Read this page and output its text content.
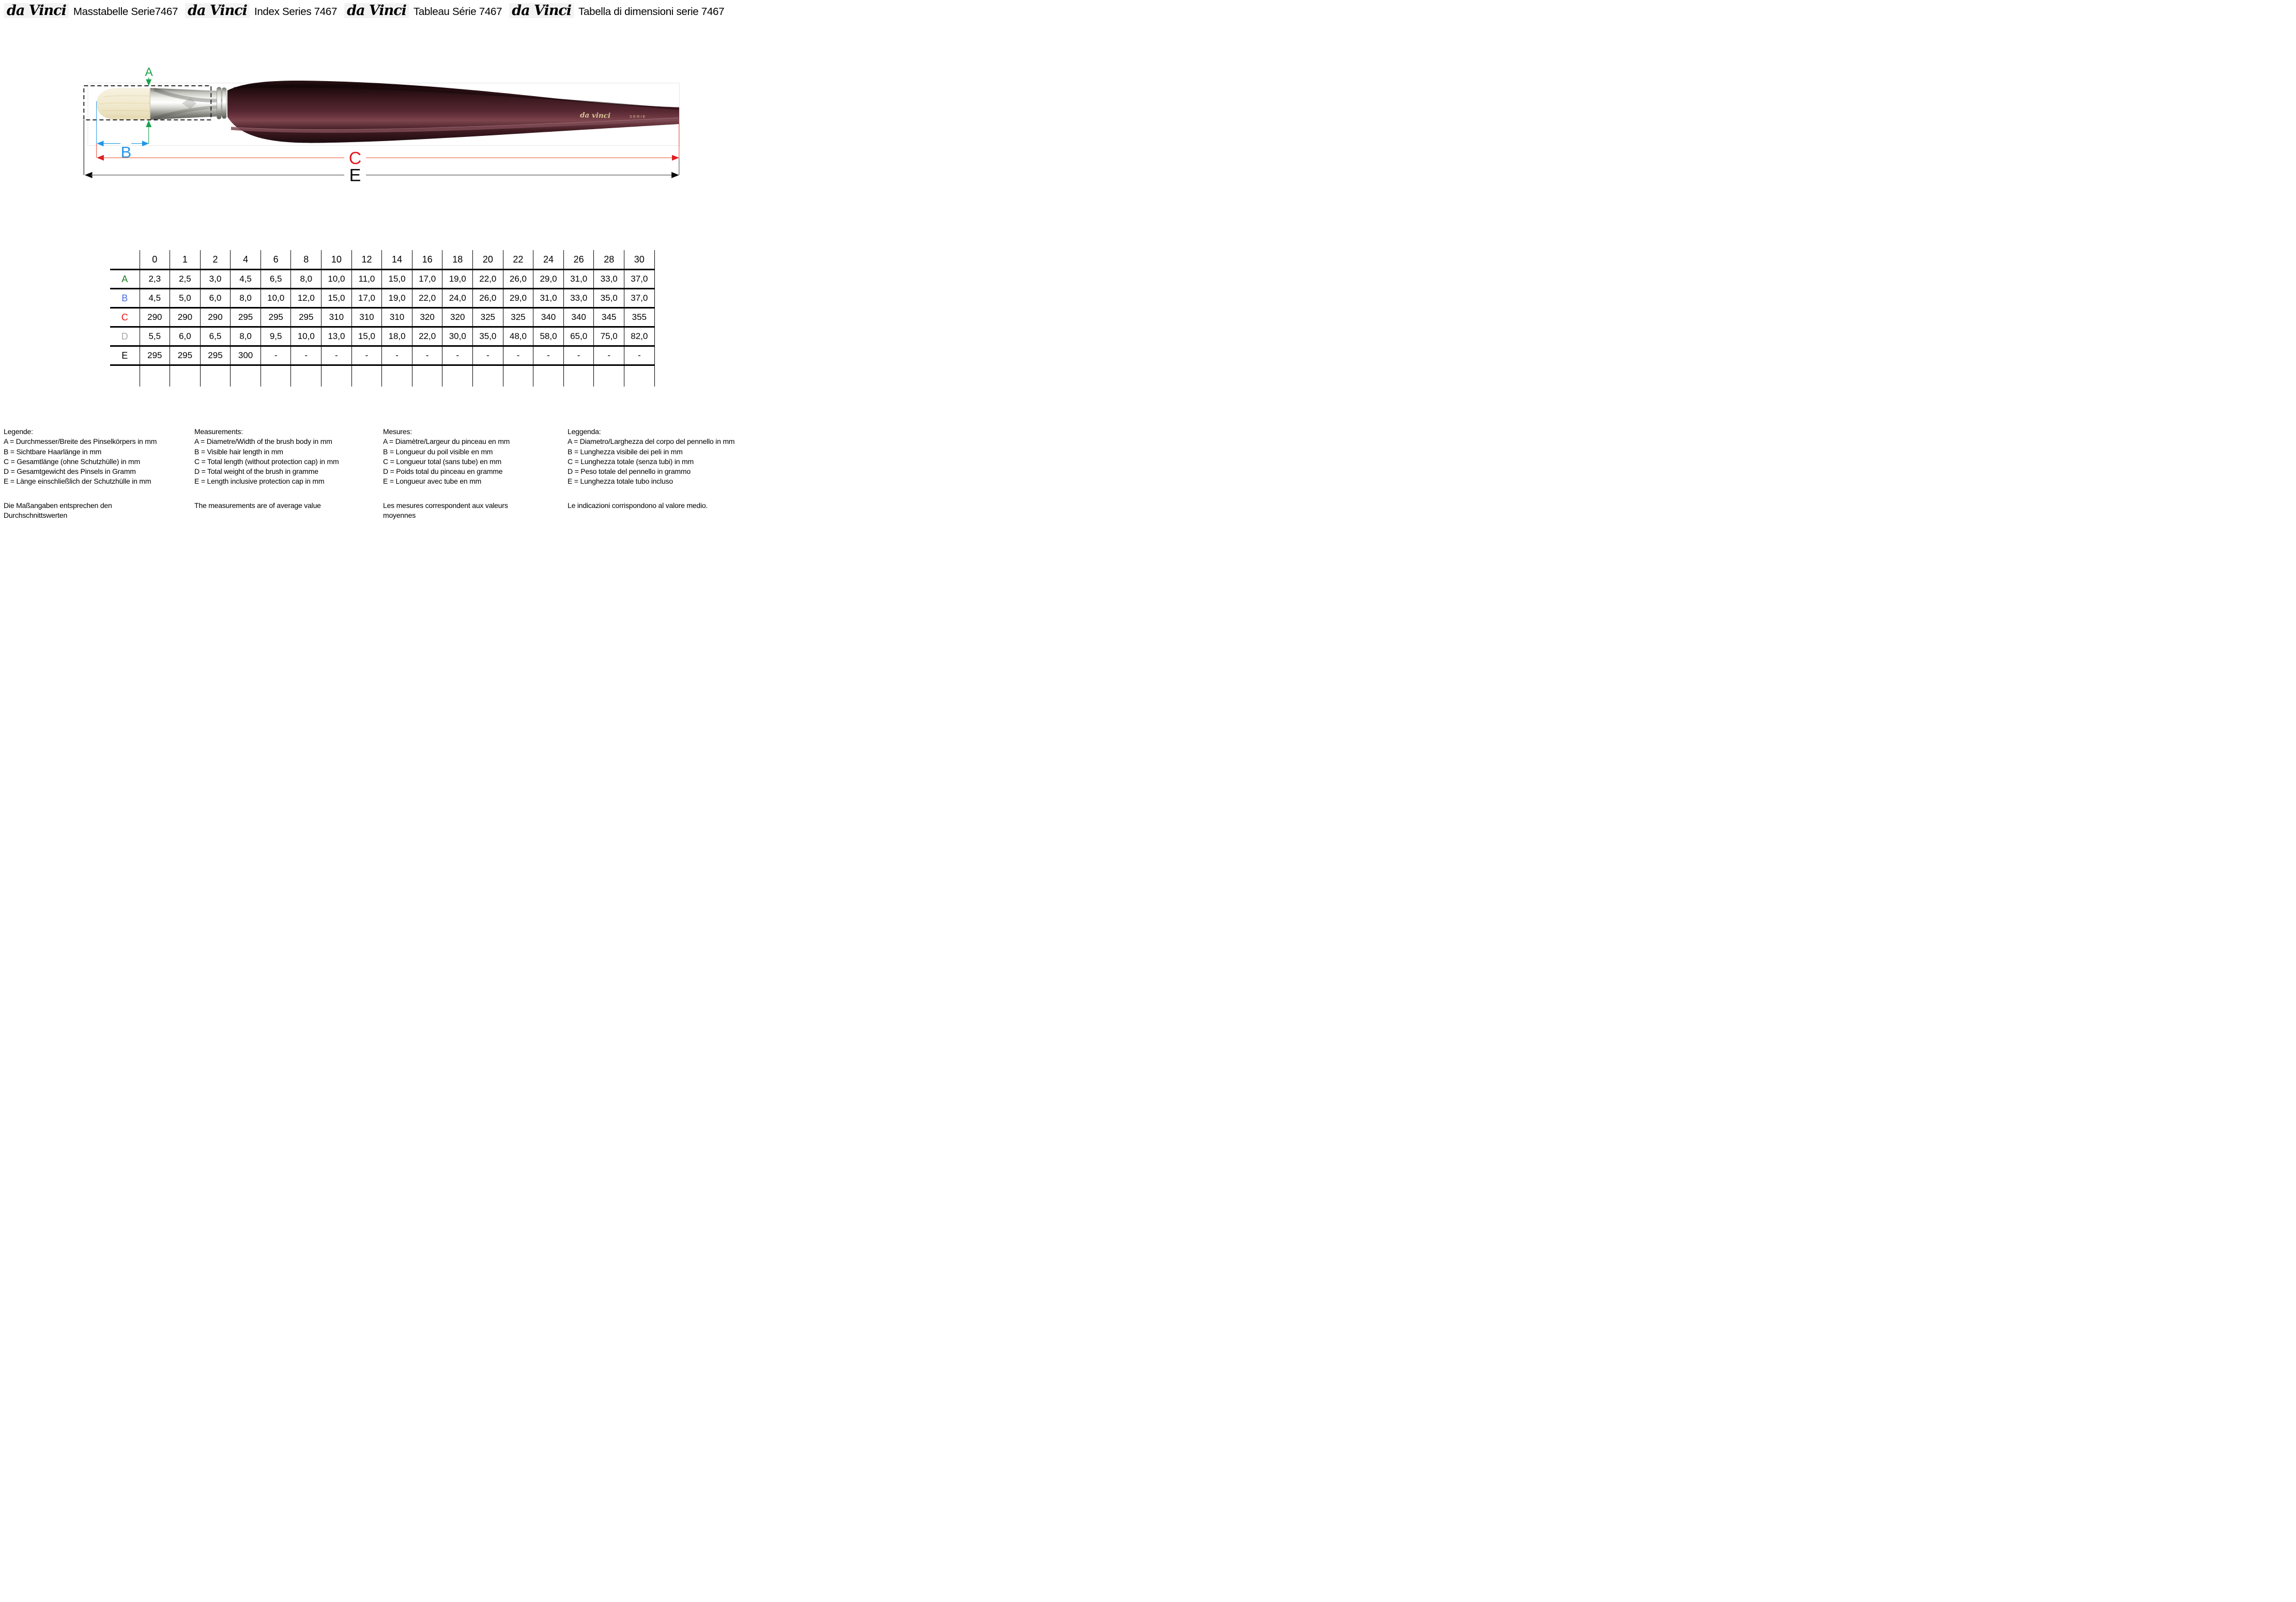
da Vinci Masstabelle Serie7467 da Vinci Index Series 7467 da Vinci Tableau Série 7467 da Vinci Tabella di dimensioni serie 7467
da vinci	SERIE
A
B	C
E
	0	1	2	4	6	8	10	12	14	16	18	20	22	24	26	28	30
A	2,3	2,5	3,0	4,5	6,5	8,0	10,0	11,0	15,0	17,0	19,0	22,0	26,0	29,0	31,0	33,0	37,0
B	4,5	5,0	6,0	8,0	10,0	12,0	15,0	17,0	19,0	22,0	24,0	26,0	29,0	31,0	33,0	35,0	37,0
C	290	290	290	295	295	295	310	310	310	320	320	325	325	340	340	345	355
D	5,5	6,0	6,5	8,0	9,5	10,0	13,0	15,0	18,0	22,0	30,0	35,0	48,0	58,0	65,0	75,0	82,0
E	295	295	295	300	-	-	-	-	-	-	-	-	-	-	-	-	-

Legende:
A = Durchmesser/Breite des Pinselkörpers in mm
B = Sichtbare Haarlänge in mm
C = Gesamtlänge (ohne Schutzhülle) in mm
D = Gesamtgewicht des Pinsels in Gramm
E = Länge einschließlich der Schutzhülle in mm
Die Maßangaben entsprechen den
Durchschnittswerten
Measurements:
A = Diametre/Width of the brush body in mm
B = Visible hair length in mm
C = Total length (without protection cap) in mm
D = Total weight of the brush in gramme
E = Length inclusive protection cap in mm
The measurements are of average value
Mesures:
A = Diamètre/Largeur du pinceau en mm
B = Longueur du poil visible en mm
C = Longueur total (sans tube) en mm
D = Poids total du pinceau en gramme
E = Longueur avec tube en mm
Les mesures correspondent aux valeurs
moyennes
Leggenda:
A = Diametro/Larghezza del corpo del pennello in mm
B = Lunghezza visibile dei peli in mm
C = Lunghezza totale (senza tubi) in mm
D = Peso totale del pennello in grammo
E = Lunghezza totale tubo incluso
Le indicazioni corrispondono al valore medio.
